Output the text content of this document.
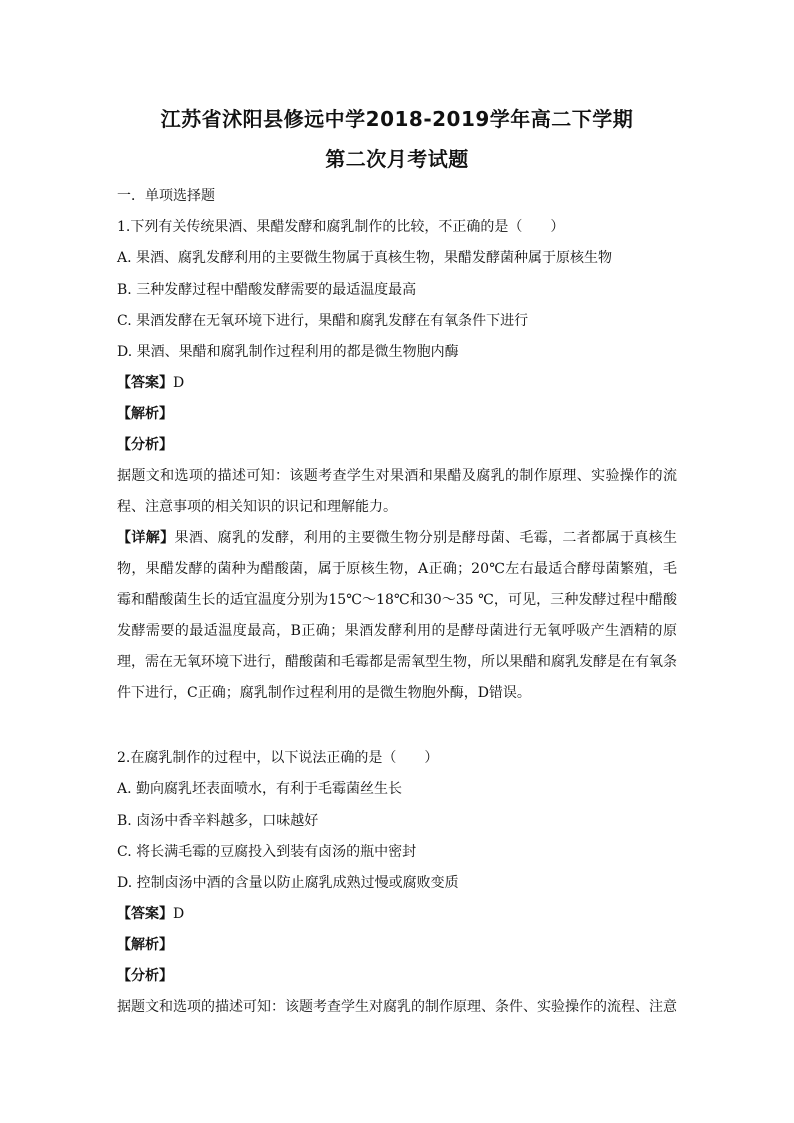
江苏省沭阳县修远中学2018-2019学年高二下学期
第二次月考试题
一．单项选择题
1.下列有关传统果酒、果醋发酵和腐乳制作的比较，不正确的是（　　）
A. 果酒、腐乳发酵利用的主要微生物属于真核生物，果醋发酵菌种属于原核生物
B. 三种发酵过程中醋酸发酵需要的最适温度最高
C. 果酒发酵在无氧环境下进行，果醋和腐乳发酵在有氧条件下进行
D. 果酒、果醋和腐乳制作过程利用的都是微生物胞内酶
【答案】D
【解析】
【分析】
据题文和选项的描述可知：该题考查学生对果酒和果醋及腐乳的制作原理、实验操作的流程、注意事项的相关知识的识记和理解能力。
【详解】果酒、腐乳的发酵，利用的主要微生物分别是酵母菌、毛霉，二者都属于真核生物，果醋发酵的菌种为醋酸菌，属于原核生物，A正确；20℃左右最适合酵母菌繁殖，毛霉和醋酸菌生长的适宜温度分别为15℃～18℃和30～35 ℃，可见，三种发酵过程中醋酸发酵需要的最适温度最高，B正确；果酒发酵利用的是酵母菌进行无氧呼吸产生酒精的原理，需在无氧环境下进行，醋酸菌和毛霉都是需氧型生物，所以果醋和腐乳发酵是在有氧条件下进行，C正确；腐乳制作过程利用的是微生物胞外酶，D错误。
2.在腐乳制作的过程中，以下说法正确的是（　　）
A. 勤向腐乳坯表面喷水，有利于毛霉菌丝生长
B. 卤汤中香辛料越多，口味越好
C. 将长满毛霉的豆腐投入到装有卤汤的瓶中密封
D. 控制卤汤中酒的含量以防止腐乳成熟过慢或腐败变质
【答案】D
【解析】
【分析】
据题文和选项的描述可知：该题考查学生对腐乳的制作原理、条件、实验操作的流程、注意
